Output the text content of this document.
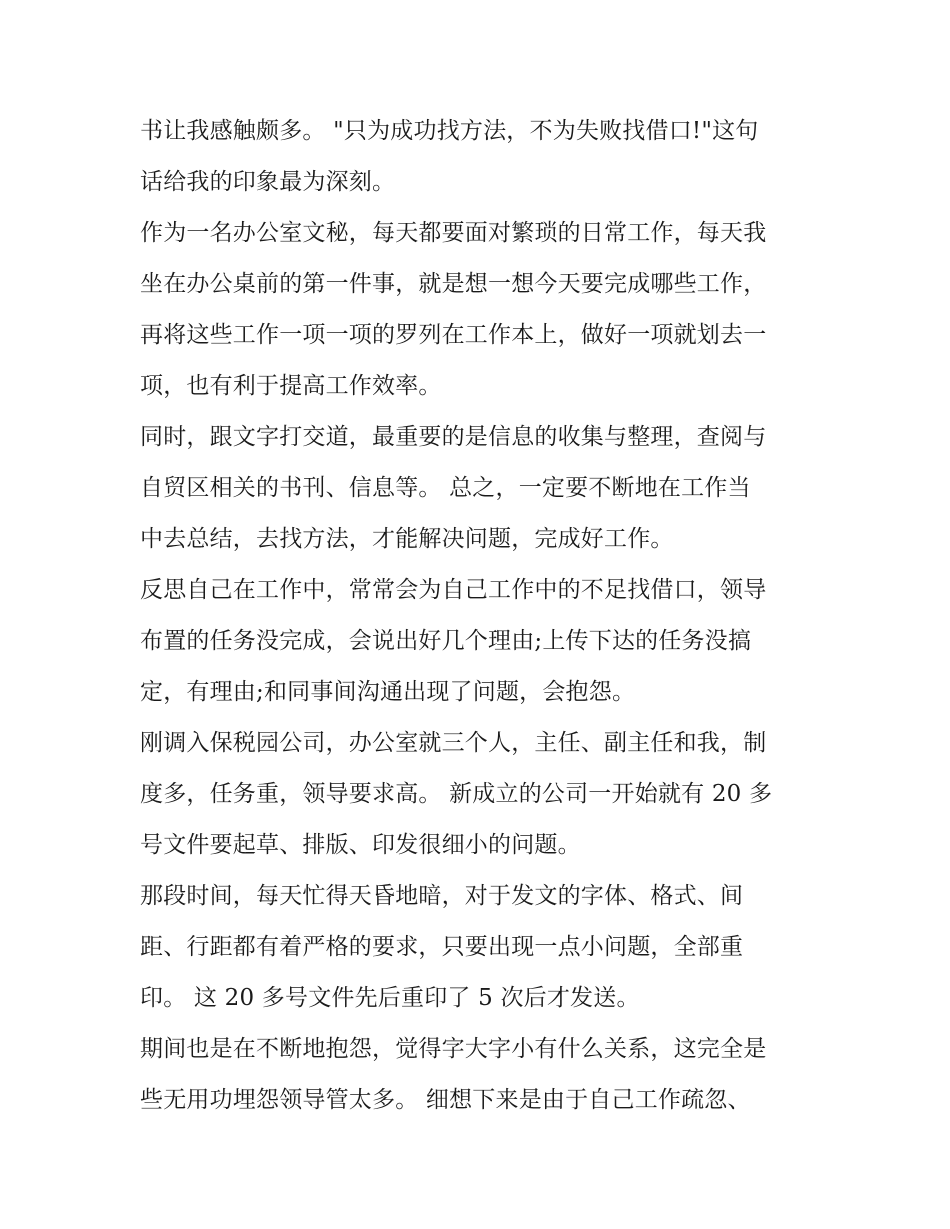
书让我感触颇多。 "只为成功找方法，不为失败找借口!"这句
话给我的印象最为深刻。
作为一名办公室文秘，每天都要面对繁琐的日常工作，每天我
坐在办公桌前的第一件事，就是想一想今天要完成哪些工作，
再将这些工作一项一项的罗列在工作本上，做好一项就划去一
项，也有利于提高工作效率。
同时，跟文字打交道，最重要的是信息的收集与整理，查阅与
自贸区相关的书刊、信息等。 总之，一定要不断地在工作当
中去总结，去找方法，才能解决问题，完成好工作。
反思自己在工作中，常常会为自己工作中的不足找借口，领导
布置的任务没完成，会说出好几个理由;上传下达的任务没搞
定，有理由;和同事间沟通出现了问题，会抱怨。
刚调入保税园公司，办公室就三个人，主任、副主任和我，制
度多，任务重，领导要求高。 新成立的公司一开始就有 20 多
号文件要起草、排版、印发很细小的问题。
那段时间，每天忙得天昏地暗，对于发文的字体、格式、间
距、行距都有着严格的要求，只要出现一点小问题，全部重
印。 这 20 多号文件先后重印了 5 次后才发送。
期间也是在不断地抱怨，觉得字大字小有什么关系，这完全是
些无用功埋怨领导管太多。 细想下来是由于自己工作疏忽、
